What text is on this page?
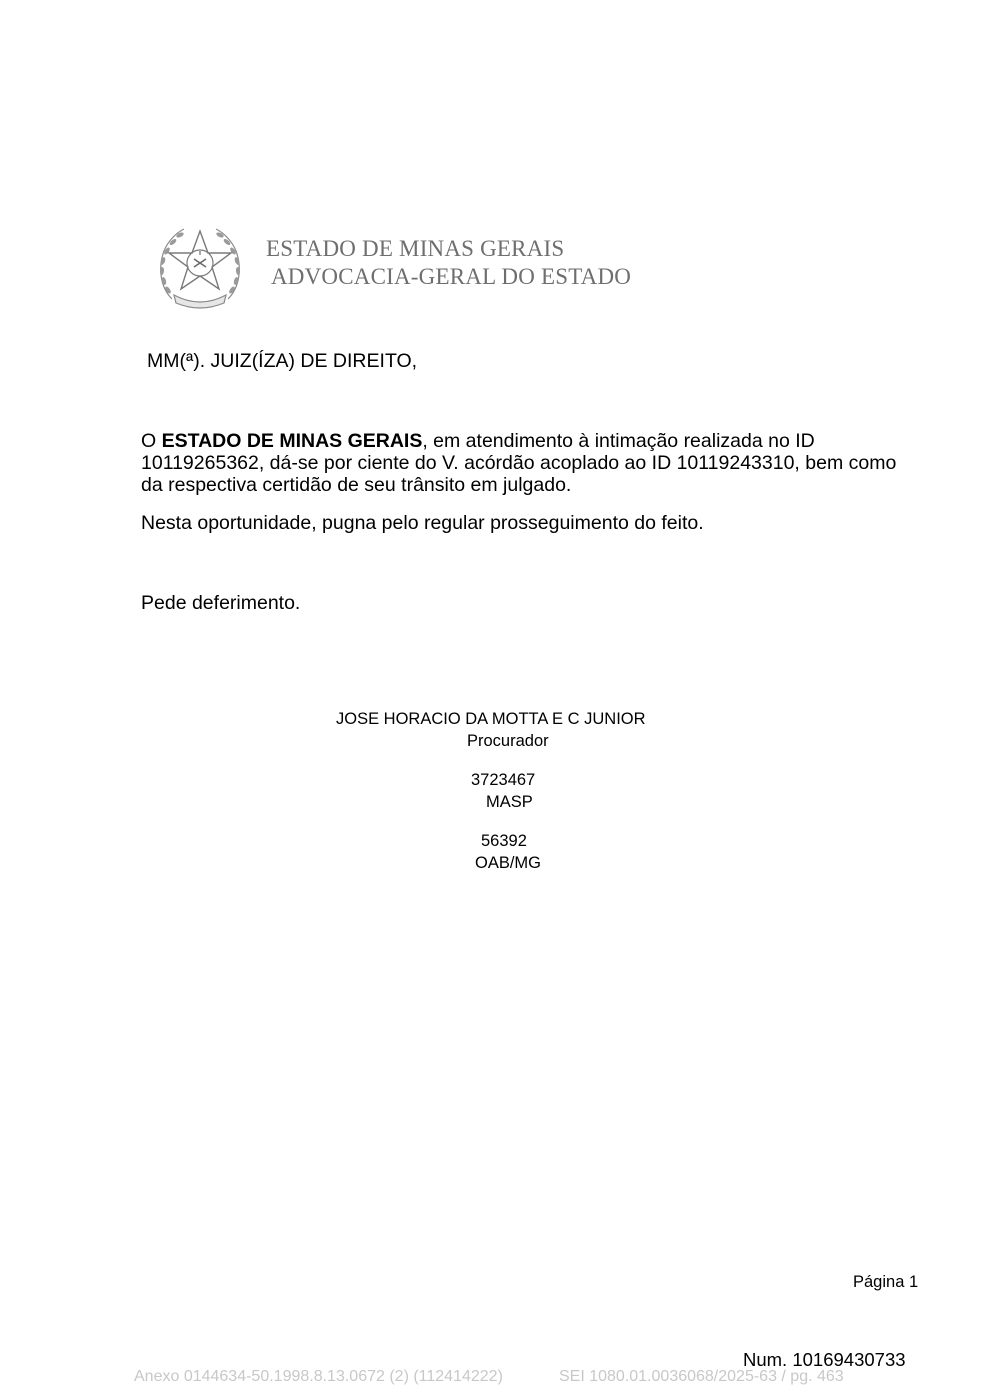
ESTADO DE MINAS GERAIS
ADVOCACIA-GERAL DO ESTADO
MM(ª). JUIZ(ÍZA) DE DIREITO,
O ESTADO DE MINAS GERAIS, em atendimento à intimação realizada no ID 10119265362, dá-se por ciente do V. acórdão acoplado ao ID 10119243310, bem como da respectiva certidão de seu trânsito em julgado.
Nesta oportunidade, pugna pelo regular prosseguimento do feito.
Pede deferimento.
JOSE HORACIO DA MOTTA E C JUNIOR
Procurador
3723467
MASP
56392
OAB/MG
Página 1
Num. 10169430733
Anexo 0144634-50.1998.8.13.0672 (2) (112414222)	SEI 1080.01.0036068/2025-63 / pg. 463
